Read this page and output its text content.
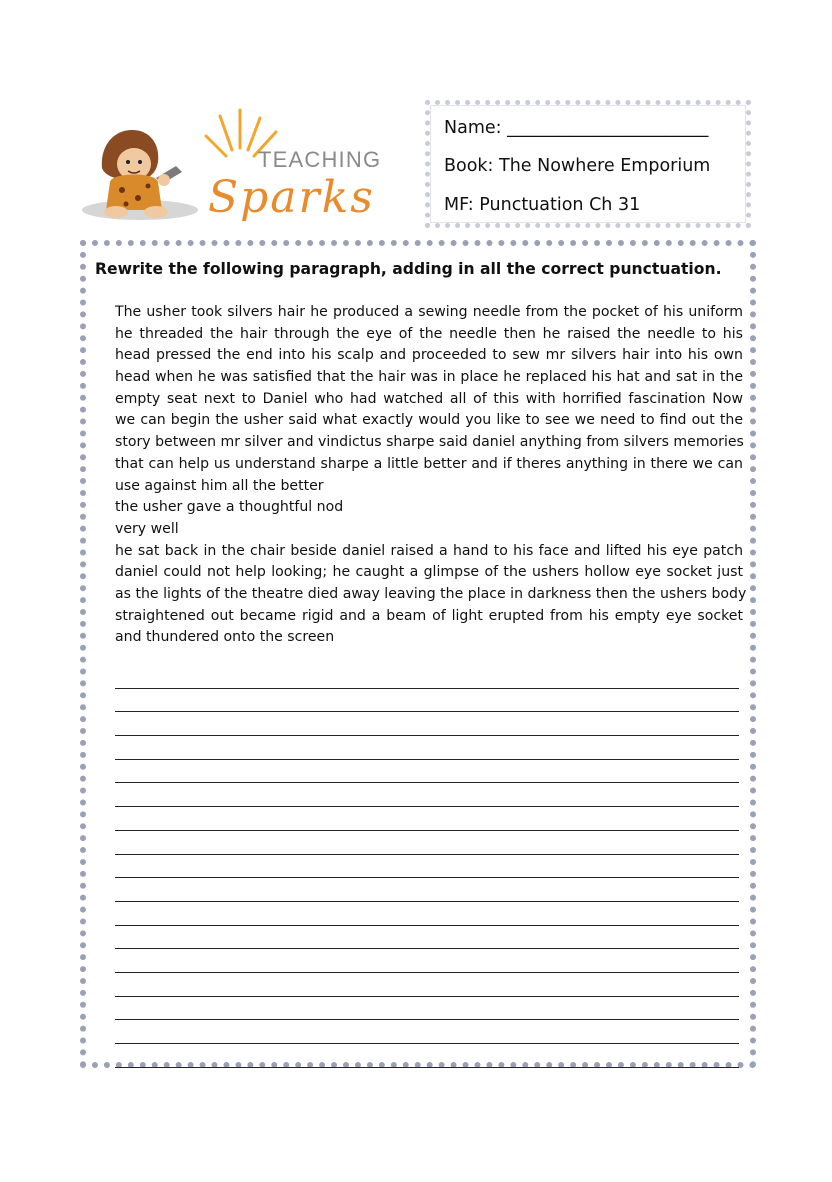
TEACHING
Sparks
Name: _______________________
Book: The Nowhere Emporium
MF: Punctuation Ch 31
Rewrite the following paragraph, adding in all the correct punctuation.
The usher took silvers hair he produced a sewing needle from the pocket of his uniform
he threaded the hair through the eye of the needle then he raised the needle to his
head pressed the end into his scalp and proceeded to sew mr silvers hair into his own
head when he was satisfied that the hair was in place he replaced his hat and sat in the
empty seat next to Daniel who had watched all of this with horrified fascination Now
we can begin the usher said what exactly would you like to see we need to find out the
story between mr silver and vindictus sharpe said daniel anything from silvers memories
that can help us understand sharpe a little better and if theres anything in there we can
use against him all the better
the usher gave a thoughtful nod
very well
he sat back in the chair beside daniel raised a hand to his face and lifted his eye patch
daniel could not help looking; he caught a glimpse of the ushers hollow eye socket just
as the lights of the theatre died away leaving the place in darkness then the ushers body
straightened out became rigid and a beam of light erupted from his empty eye socket
and thundered onto the screen
